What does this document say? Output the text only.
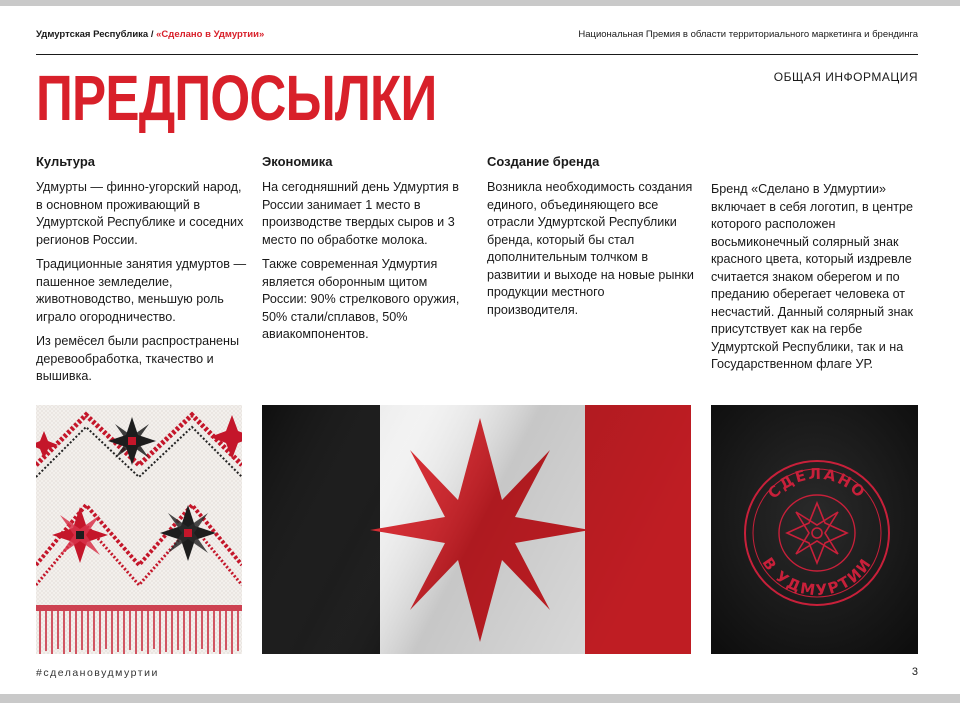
Удмуртская Республика / «Сделано в Удмуртии»	Национальная Премия в области территориального маркетинга и брендинга
ПРЕДПОСЫЛКИ	ОБЩАЯ ИНФОРМАЦИЯ
Культура

Удмурты — финно-угорский народ, в основном проживающий в Удмуртской Республике и соседних регионов России.

Традиционные занятия удмуртов — пашенное земледелие, животноводство, меньшую роль играло огородничество.

Из ремёсел были распространены деревообработка, ткачество и вышивка.

Экономика

На сегодняшний день Удмуртия в России занимает 1 место в производстве твердых сыров и 3 место по обработке молока.

Также современная Удмуртия является оборонным щитом России: 90% стрелкового оружия, 50% стали/сплавов, 50% авиакомпонентов.

Создание бренда

Возникла необходимость создания единого, объединяющего все отрасли Удмуртской Республики бренда, который бы стал дополнительным толчком в развитии и выходе на новые рынки продукции местного производителя.

Бренд «Сделано в Удмуртии» включает в себя логотип, в центре которого расположен восьмиконечный солярный знак красного цвета, который издревле считается знаком оберегом и по преданию оберегает человека от несчастий. Данный солярный знак присутствует как на гербе Удмуртской Республики, так и на Государственном флаге УР.

СДЕЛАНО
В УДМУРТИИ
#сделановудмуртии	3
